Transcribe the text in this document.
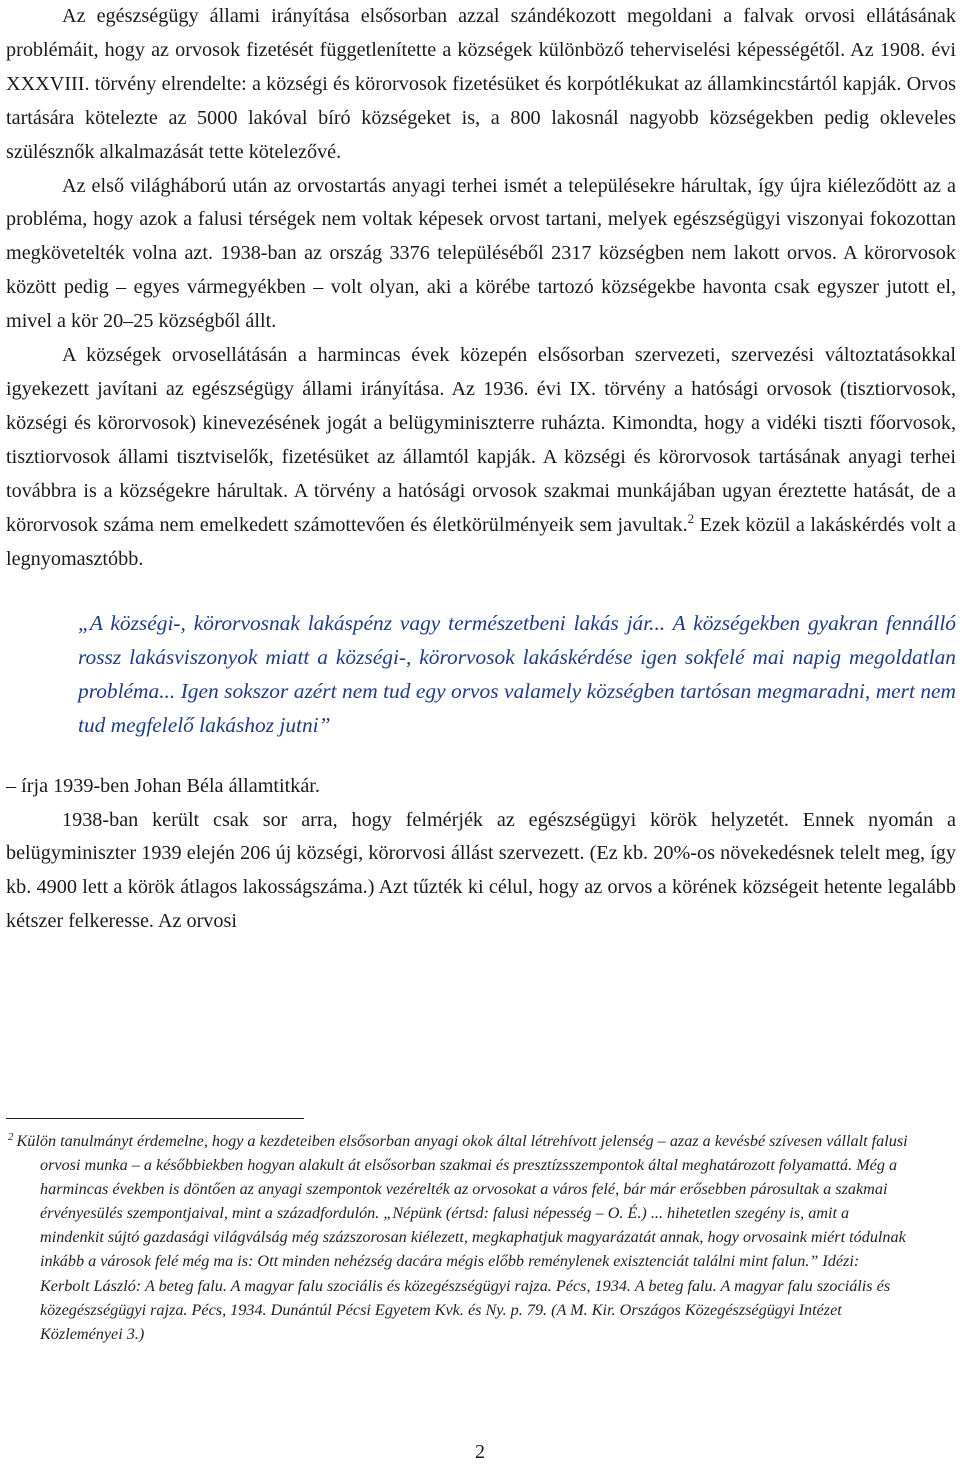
Az egészségügy állami irányítása elsősorban azzal szándékozott megoldani a falvak orvosi ellátásának problémáit, hogy az orvosok fizetését függetlenítette a községek különböző teherviselési képességétől. Az 1908. évi XXXVIII. törvény elrendelte: a községi és körorvosok fizetésüket és korpótlékukat az államkincstártól kapják. Orvos tartására kötelezte az 5000 lakóval bíró községeket is, a 800 lakosnál nagyobb községekben pedig okleveles szülésznők alkalmazását tette kötelezővé.

Az első világháború után az orvostartás anyagi terhei ismét a településekre hárultak, így újra kiéleződött az a probléma, hogy azok a falusi térségek nem voltak képesek orvost tartani, melyek egészségügyi viszonyai fokozottan megkövetelték volna azt. 1938-ban az ország 3376 településéből 2317 községben nem lakott orvos. A körorvosok között pedig – egyes vármegyékben – volt olyan, aki a körébe tartozó községekbe havonta csak egyszer jutott el, mivel a kör 20–25 községből állt.

A községek orvosellátásán a harmincas évek közepén elsősorban szervezeti, szervezési változtatásokkal igyekezett javítani az egészségügy állami irányítása. Az 1936. évi IX. törvény a hatósági orvosok (tisztiorvosok, községi és körorvosok) kinevezésének jogát a belügyminiszterre ruházta. Kimondta, hogy a vidéki tiszti főorvosok, tisztiorvosok állami tisztviselők, fizetésüket az államtól kapják. A községi és körorvosok tartásának anyagi terhei továbbra is a községekre hárultak. A törvény a hatósági orvosok szakmai munkájában ugyan éreztette hatását, de a körorvosok száma nem emelkedett számottevően és életkörülményeik sem javultak.$^2$ Ezek közül a lakáskérdés volt a legnyomasztóbb.

„A községi-, körorvosnak lakáspénz vagy természetbeni lakás jár... A községekben gyakran fennálló rossz lakásviszonyok miatt a községi-, körorvosok lakáskérdése igen sokfelé mai napig megoldatlan probléma... Igen sokszor azért nem tud egy orvos valamely községben tartósan megmaradni, mert nem tud megfelelő lakáshoz jutni”
– írja 1939-ben Johan Béla államtitkár.

1938-ban került csak sor arra, hogy felmérjék az egészségügyi körök helyzetét. Ennek nyomán a belügyminiszter 1939 elején 206 új községi, körorvosi állást szervezett. (Ez kb. 20%-os növekedésnek telelt meg, így kb. 4900 lett a körök átlagos lakosságszáma.) Azt tűzték ki célul, hogy az orvos a körének községeit hetente legalább kétszer felkeresse. Az orvosi

$^2$ Külön tanulmányt érdemelne, hogy a kezdeteiben elsősorban anyagi okok által létrehívott jelenség – azaz a kevésbé szívesen vállalt falusi orvosi munka – a későbbiekben hogyan alakult át elsősorban szakmai és presztízsszempontok által meghatározott folyamattá. Még a harmincas években is döntően az anyagi szempontok vezérelték az orvosokat a város felé, bár már erősebben párosultak a szakmai érvényesülés szempontjaival, mint a századfordulón. „Népünk (értsd: falusi népesség – O. É.) ... hihetetlen szegény is, amit a mindenkit sújtó gazdasági világválság még százszorosan kiélezett, megkaphatjuk magyarázatát annak, hogy orvosaink miért tódulnak inkább a városok felé még ma is: Ott minden nehézség dacára mégis előbb reménylenek exisztenciát találni mint falun.” Idézi: Kerbolt László: A beteg falu. A magyar falu szociális és közegészségügyi rajza. Pécs, 1934. A beteg falu. A magyar falu szociális és közegészségügyi rajza. Pécs, 1934. Dunántúl Pécsi Egyetem Kvk. és Ny. p. 79. (A M. Kir. Országos Közegészségügyi Intézet Közleményei 3.)
2
